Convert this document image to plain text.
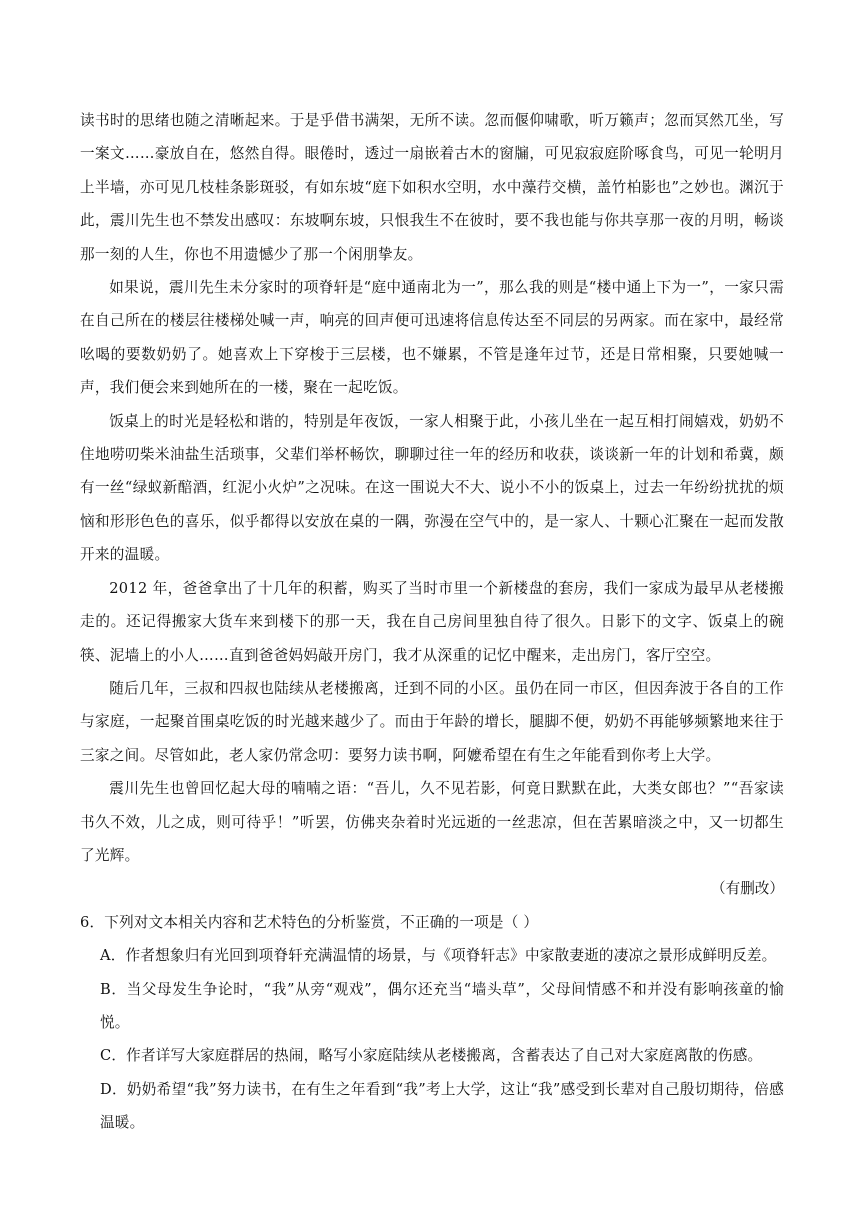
读书时的思绪也随之清晰起来。于是乎借书满架，无所不读。忽而偃仰啸歌，听万籁声；忽而冥然兀坐，写一案文……豪放自在，悠然自得。眼倦时，透过一扇嵌着古木的窗牖，可见寂寂庭阶啄食鸟，可见一轮明月上半墙，亦可见几枝桂条影斑驳，有如东坡“庭下如积水空明，水中藻荇交横，盖竹柏影也”之妙也。渊沉于此，震川先生也不禁发出感叹：东坡啊东坡，只恨我生不在彼时，要不我也能与你共享那一夜的月明，畅谈那一刻的人生，你也不用遗憾少了那一个闲朋挚友。

如果说，震川先生未分家时的项脊轩是“庭中通南北为一”，那么我的则是“楼中通上下为一”，一家只需在自己所在的楼层往楼梯处喊一声，响亮的回声便可迅速将信息传达至不同层的另两家。而在家中，最经常吆喝的要数奶奶了。她喜欢上下穿梭于三层楼，也不嫌累，不管是逢年过节，还是日常相聚，只要她喊一声，我们便会来到她所在的一楼，聚在一起吃饭。

饭桌上的时光是轻松和谐的，特别是年夜饭，一家人相聚于此，小孩儿坐在一起互相打闹嬉戏，奶奶不住地唠叨柴米油盐生活琐事，父辈们举杯畅饮，聊聊过往一年的经历和收获，谈谈新一年的计划和希冀，颇有一丝“绿蚁新醅酒，红泥小火炉”之况味。在这一围说大不大、说小不小的饭桌上，过去一年纷纷扰扰的烦恼和形形色色的喜乐，似乎都得以安放在桌的一隅，弥漫在空气中的，是一家人、十颗心汇聚在一起而发散开来的温暖。

2012 年，爸爸拿出了十几年的积蓄，购买了当时市里一个新楼盘的套房，我们一家成为最早从老楼搬走的。还记得搬家大货车来到楼下的那一天，我在自己房间里独自待了很久。日影下的文字、饭桌上的碗筷、泥墙上的小人……直到爸爸妈妈敲开房门，我才从深重的记忆中醒来，走出房门，客厅空空。

随后几年，三叔和四叔也陆续从老楼搬离，迁到不同的小区。虽仍在同一市区，但因奔波于各自的工作与家庭，一起聚首围桌吃饭的时光越来越少了。而由于年龄的增长，腿脚不便，奶奶不再能够频繁地来往于三家之间。尽管如此，老人家仍常念叨：要努力读书啊，阿嬷希望在有生之年能看到你考上大学。

震川先生也曾回忆起大母的喃喃之语：“吾儿，久不见若影，何竟日默默在此，大类女郎也？”“吾家读书久不效，儿之成，则可待乎！”听罢，仿佛夹杂着时光远逝的一丝悲凉，但在苦累暗淡之中，又一切都生了光辉。

（有删改）

6．下列对文本相关内容和艺术特色的分析鉴赏，不正确的一项是（ ）

A．作者想象归有光回到项脊轩充满温情的场景，与《项脊轩志》中家散妻逝的凄凉之景形成鲜明反差。

B．当父母发生争论时，“我”从旁“观戏”，偶尔还充当“墙头草”，父母间情感不和并没有影响孩童的愉悦。

C．作者详写大家庭群居的热闹，略写小家庭陆续从老楼搬离，含蓄表达了自己对大家庭离散的伤感。

D．奶奶希望“我”努力读书，在有生之年看到“我”考上大学，这让“我”感受到长辈对自己殷切期待，倍感温暖。
